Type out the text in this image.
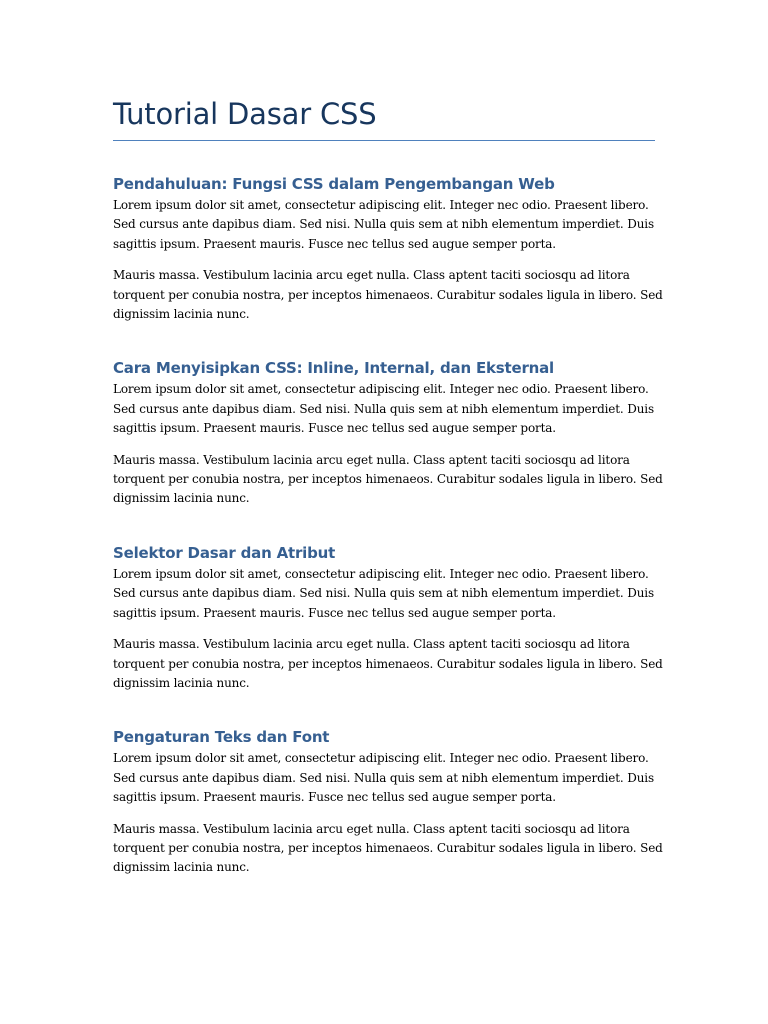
Tutorial Dasar CSS
Pendahuluan: Fungsi CSS dalam Pengembangan Web

Lorem ipsum dolor sit amet, consectetur adipiscing elit. Integer nec odio. Praesent libero.
Sed cursus ante dapibus diam. Sed nisi. Nulla quis sem at nibh elementum imperdiet. Duis
sagittis ipsum. Praesent mauris. Fusce nec tellus sed augue semper porta.

Mauris massa. Vestibulum lacinia arcu eget nulla. Class aptent taciti sociosqu ad litora
torquent per conubia nostra, per inceptos himenaeos. Curabitur sodales ligula in libero. Sed
dignissim lacinia nunc.

Cara Menyisipkan CSS: Inline, Internal, dan Eksternal

Lorem ipsum dolor sit amet, consectetur adipiscing elit. Integer nec odio. Praesent libero.
Sed cursus ante dapibus diam. Sed nisi. Nulla quis sem at nibh elementum imperdiet. Duis
sagittis ipsum. Praesent mauris. Fusce nec tellus sed augue semper porta.

Mauris massa. Vestibulum lacinia arcu eget nulla. Class aptent taciti sociosqu ad litora
torquent per conubia nostra, per inceptos himenaeos. Curabitur sodales ligula in libero. Sed
dignissim lacinia nunc.

Selektor Dasar dan Atribut

Lorem ipsum dolor sit amet, consectetur adipiscing elit. Integer nec odio. Praesent libero.
Sed cursus ante dapibus diam. Sed nisi. Nulla quis sem at nibh elementum imperdiet. Duis
sagittis ipsum. Praesent mauris. Fusce nec tellus sed augue semper porta.

Mauris massa. Vestibulum lacinia arcu eget nulla. Class aptent taciti sociosqu ad litora
torquent per conubia nostra, per inceptos himenaeos. Curabitur sodales ligula in libero. Sed
dignissim lacinia nunc.

Pengaturan Teks dan Font

Lorem ipsum dolor sit amet, consectetur adipiscing elit. Integer nec odio. Praesent libero.
Sed cursus ante dapibus diam. Sed nisi. Nulla quis sem at nibh elementum imperdiet. Duis
sagittis ipsum. Praesent mauris. Fusce nec tellus sed augue semper porta.

Mauris massa. Vestibulum lacinia arcu eget nulla. Class aptent taciti sociosqu ad litora
torquent per conubia nostra, per inceptos himenaeos. Curabitur sodales ligula in libero. Sed
dignissim lacinia nunc.
